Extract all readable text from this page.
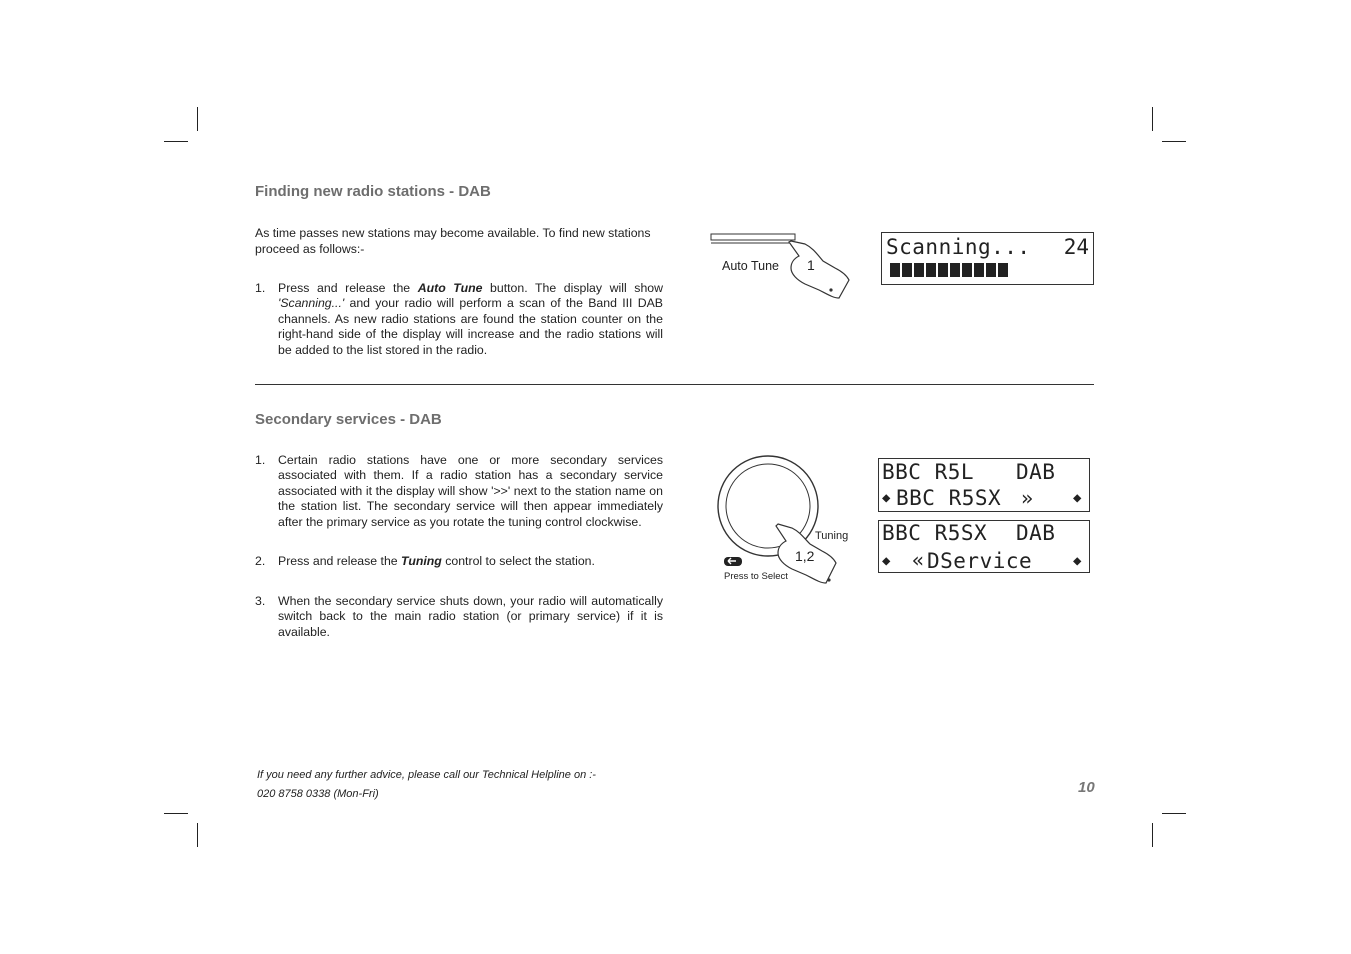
Finding new radio stations - DAB
As time passes new stations may become available. To find new stations proceed as follows:-
1. Press and release the Auto Tune button. The display will show 'Scanning...' and your radio will perform a scan of the Band III DAB channels. As new radio stations are found the station counter on the right-hand side of the display will increase and the radio stations will be added to the list stored in the radio.
Auto Tune 1
Scanning... 24
Secondary services - DAB
1. Certain radio stations have one or more secondary services associated with them. If a radio station has a secondary service associated with it the display will show '>>' next to the station name on the station list. The secondary service will then appear immediately after the primary service as you rotate the tuning control clockwise.
2. Press and release the Tuning control to select the station.
3. When the secondary service shuts down, your radio will automatically switch back to the main radio station (or primary service) if it is available.
Tuning
1,2
Press to Select
BBC R5L DAB
◆ BBC R5SX »	◆
BBC R5SX DAB
◆ « DService	◆
If you need any further advice, please call our Technical Helpline on :-
020 8758 0338 (Mon-Fri)	10
